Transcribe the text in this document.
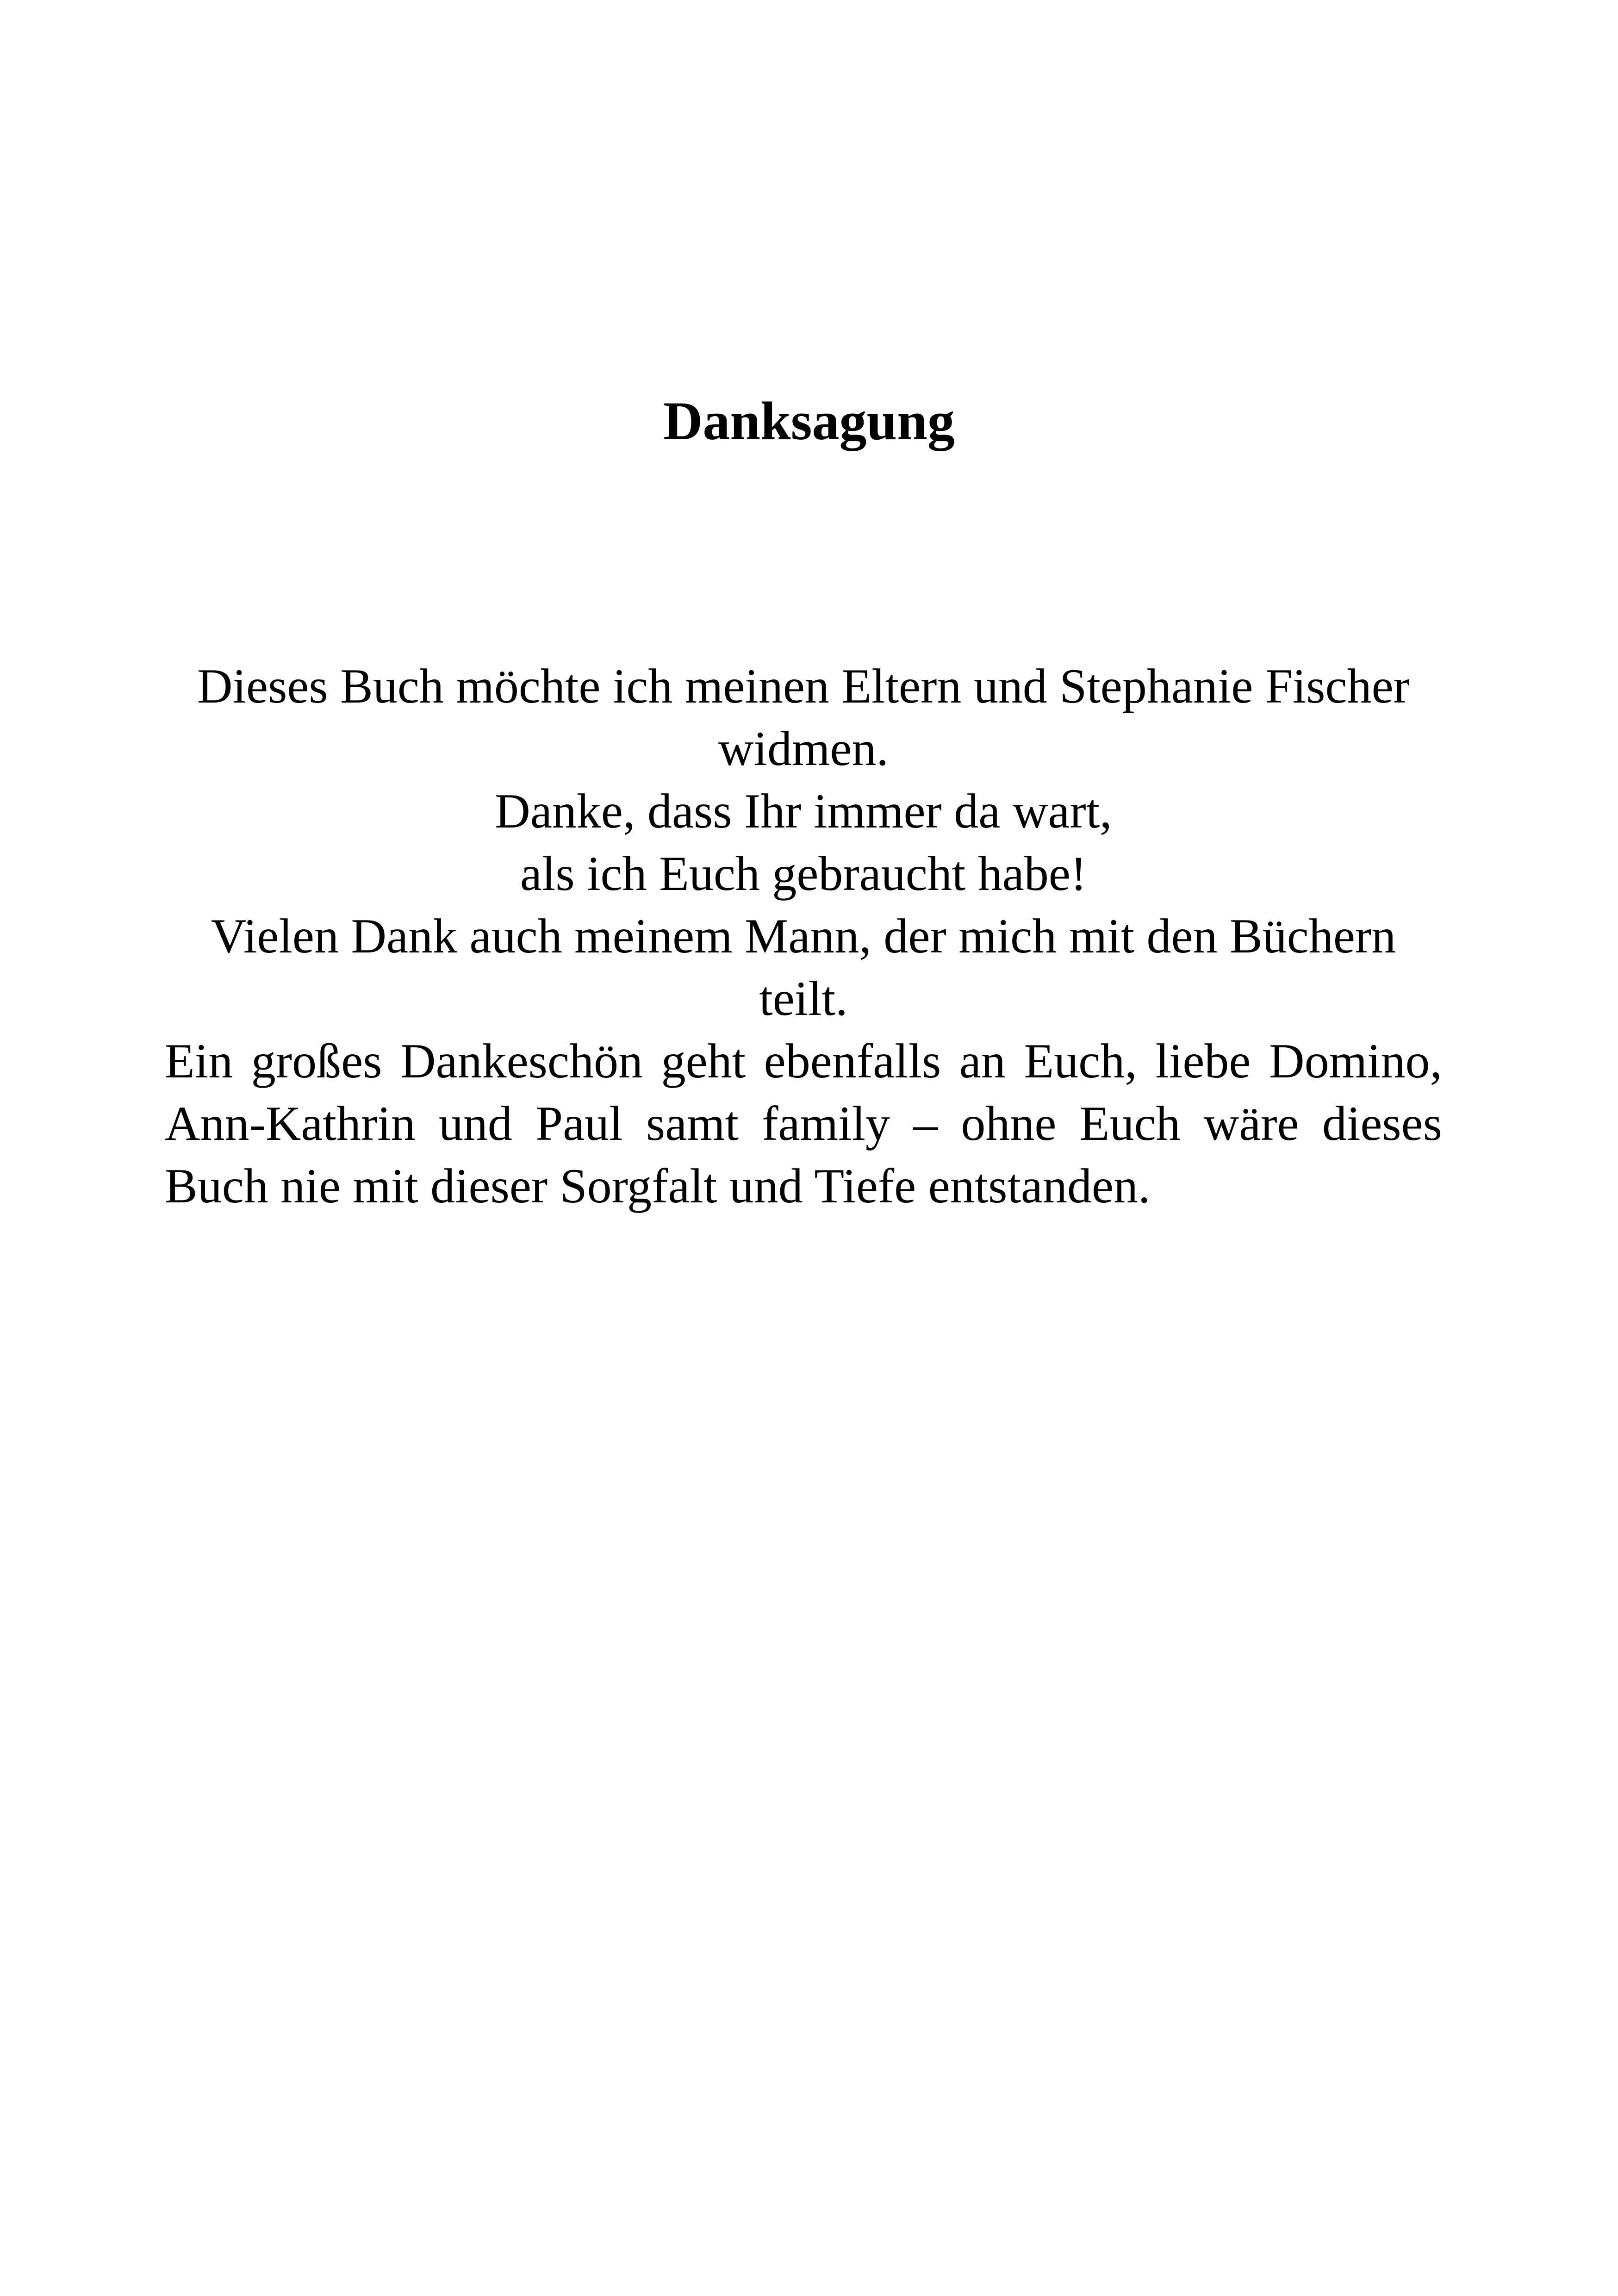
Danksagung
Dieses Buch möchte ich meinen Eltern und Stephanie Fischer
widmen.
Danke, dass Ihr immer da wart,
als ich Euch gebraucht habe!
Vielen Dank auch meinem Mann, der mich mit den Büchern
teilt.
Ein großes Dankeschön geht ebenfalls an Euch, liebe Domino,
Ann-Kathrin und Paul samt family – ohne Euch wäre dieses
Buch nie mit dieser Sorgfalt und Tiefe entstanden.
